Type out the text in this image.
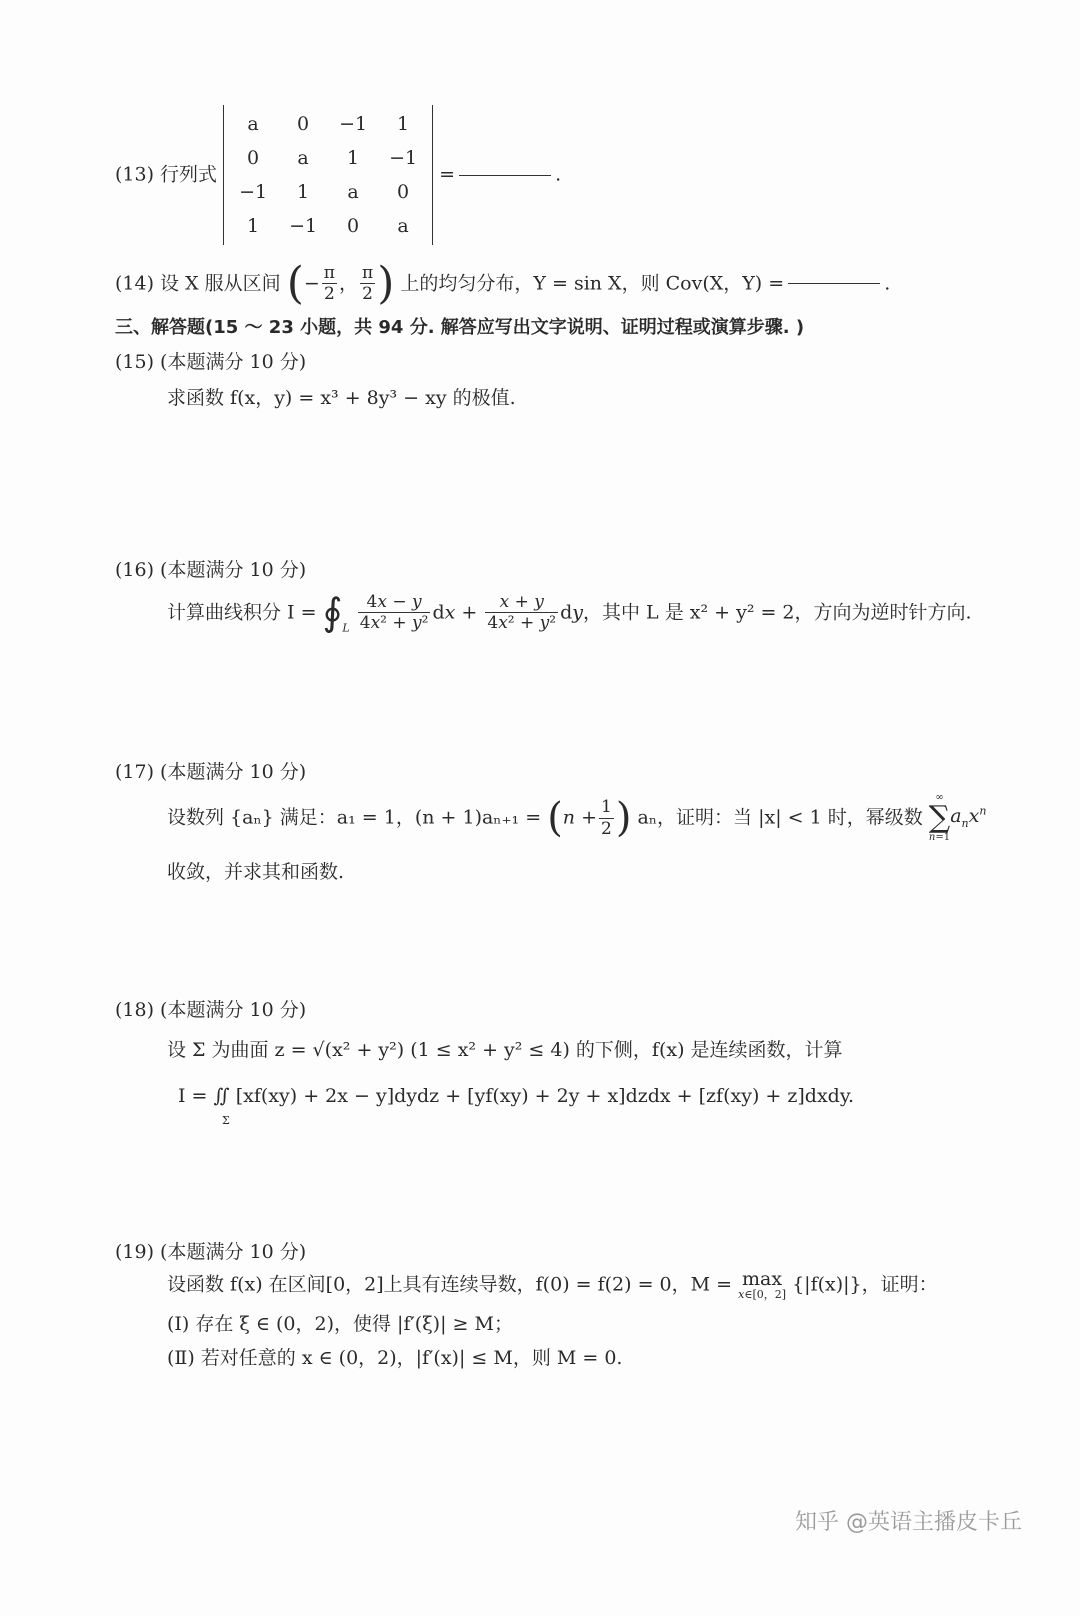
(13) 行列式
a	0	−1	1
0	a	1	−1
−1	1	a	0
1	−1	0	a
=	.
(14) 设 X 服从区间 (− $\frac{\pi}{2}$ ， $\frac{\pi}{2}$ ) 上的均匀分布，Y = sin X，则 Cov(X，Y) =	.
三、解答题(15 ～ 23 小题，共 94 分. 解答应写出文字说明、证明过程或演算步骤. )
(15) (本题满分 10 分)
求函数 f(x，y) = x³ + 8y³ − xy 的极值.
(16) (本题满分 10 分)
计算曲线积分 $I = ∮_L \frac{4x - y}{\text{4x² + y²}}$ dx + $\frac{x + y}{\text{4x² + y²}}$ dy，其中 L 是 x² + y² = 2，方向为逆时针方向.
(17) (本题满分 10 分)
设数列 {aₙ} 满足：a₁ = 1，$(n + 1)a_{n+1} = (n + \frac{1}{2}$ ) aₙ，证明：当 |x| < 1 时，幂级数 ∞
∑
$n=1a_nx^n$
收敛，并求其和函数.
(18) (本题满分 10 分)
设 Σ 为曲面 z = √(x² + y²) (1 ≤ x² + y² ≤ 4) 的下侧，f(x) 是连续函数，计算
I = ∬ [xf(xy) + 2x − y]dydz + [yf(xy) + 2y + x]dzdx + [zf(xy) + z]dxdy.
Σ
(19) (本题满分 10 分)
设函数 f(x) 在区间[0，2]上具有连续导数，f(0) = f(2) = 0，M = max
x∈[0，2] {|f(x)|}，证明：
(Ⅰ) 存在 ξ ∈ (0，2)，使得 |f′(ξ)| ≥ M；
(Ⅱ) 若对任意的 x ∈ (0，2)，|f′(x)| ≤ M，则 M = 0.
知乎 @英语主播皮卡丘
